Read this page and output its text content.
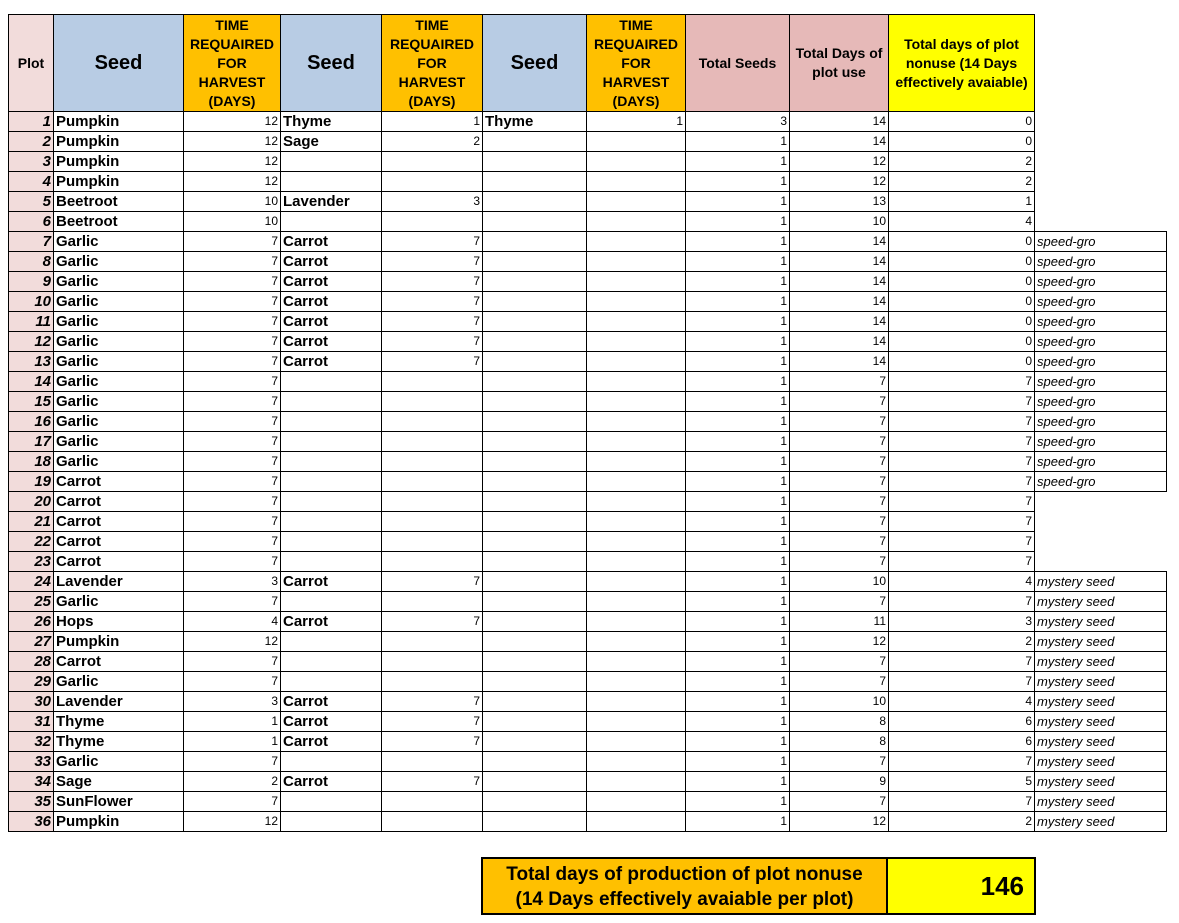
Plot	Seed	TIME REQUAIRED FOR HARVEST (DAYS)	Seed	TIME REQUAIRED FOR HARVEST (DAYS)	Seed	TIME REQUAIRED FOR HARVEST (DAYS)	Total Seeds	Total Days of plot use	Total days of plot nonuse (14 Days effectively avaiable)	
1	Pumpkin	12	Thyme	1	Thyme	1	3	14	0	
2	Pumpkin	12	Sage	2			1	14	0	
3	Pumpkin	12					1	12	2	
4	Pumpkin	12					1	12	2	
5	Beetroot	10	Lavender	3			1	13	1	
6	Beetroot	10					1	10	4	
7	Garlic	7	Carrot	7			1	14	0	speed-gro
8	Garlic	7	Carrot	7			1	14	0	speed-gro
9	Garlic	7	Carrot	7			1	14	0	speed-gro
10	Garlic	7	Carrot	7			1	14	0	speed-gro
11	Garlic	7	Carrot	7			1	14	0	speed-gro
12	Garlic	7	Carrot	7			1	14	0	speed-gro
13	Garlic	7	Carrot	7			1	14	0	speed-gro
14	Garlic	7					1	7	7	speed-gro
15	Garlic	7					1	7	7	speed-gro
16	Garlic	7					1	7	7	speed-gro
17	Garlic	7					1	7	7	speed-gro
18	Garlic	7					1	7	7	speed-gro
19	Carrot	7					1	7	7	speed-gro
20	Carrot	7					1	7	7	
21	Carrot	7					1	7	7	
22	Carrot	7					1	7	7	
23	Carrot	7					1	7	7	
24	Lavender	3	Carrot	7			1	10	4	mystery seed
25	Garlic	7					1	7	7	mystery seed
26	Hops	4	Carrot	7			1	11	3	mystery seed
27	Pumpkin	12					1	12	2	mystery seed
28	Carrot	7					1	7	7	mystery seed
29	Garlic	7					1	7	7	mystery seed
30	Lavender	3	Carrot	7			1	10	4	mystery seed
31	Thyme	1	Carrot	7			1	8	6	mystery seed
32	Thyme	1	Carrot	7			1	8	6	mystery seed
33	Garlic	7					1	7	7	mystery seed
34	Sage	2	Carrot	7			1	9	5	mystery seed
35	SunFlower	7					1	7	7	mystery seed
36	Pumpkin	12					1	12	2	mystery seed
Total days of production of plot nonuse
(14 Days effectively avaiable per plot)	146
